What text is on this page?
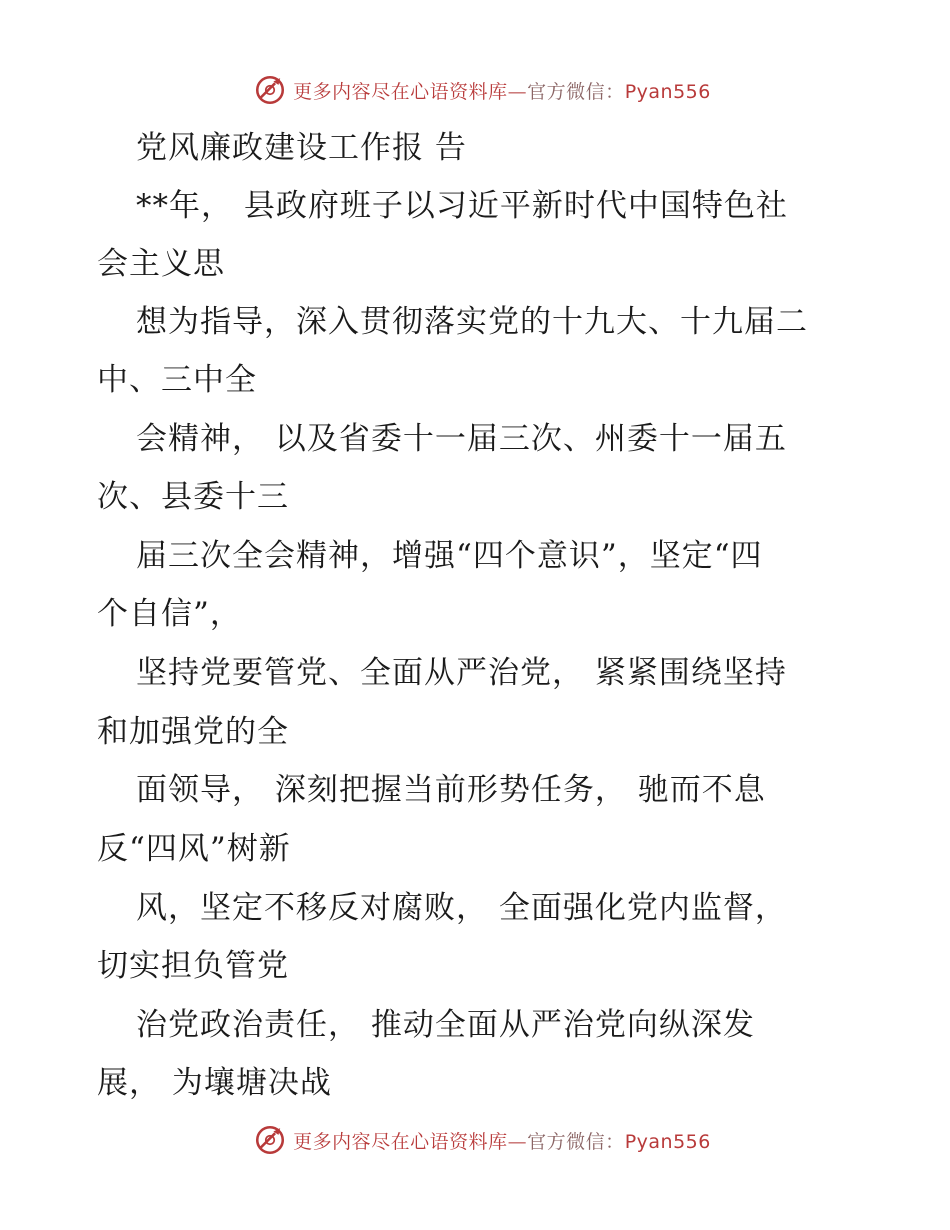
更多内容尽在心语资料库—官方微信：Pyan556
党风廉政建设工作报 告
**年， 县政府班子以习近平新时代中国特色社
会主义思
想为指导，深入贯彻落实党的十九大、十九届二
中、三中全
会精神， 以及省委十一届三次、州委十一届五
次、县委十三
届三次全会精神，增强“四个意识”，坚定“四
个自信”，
坚持党要管党、全面从严治党， 紧紧围绕坚持
和加强党的全
面领导， 深刻把握当前形势任务， 驰而不息
反“四风”树新
风，坚定不移反对腐败， 全面强化党内监督，
切实担负管党
治党政治责任， 推动全面从严治党向纵深发
展， 为壤塘决战
更多内容尽在心语资料库—官方微信：Pyan556
